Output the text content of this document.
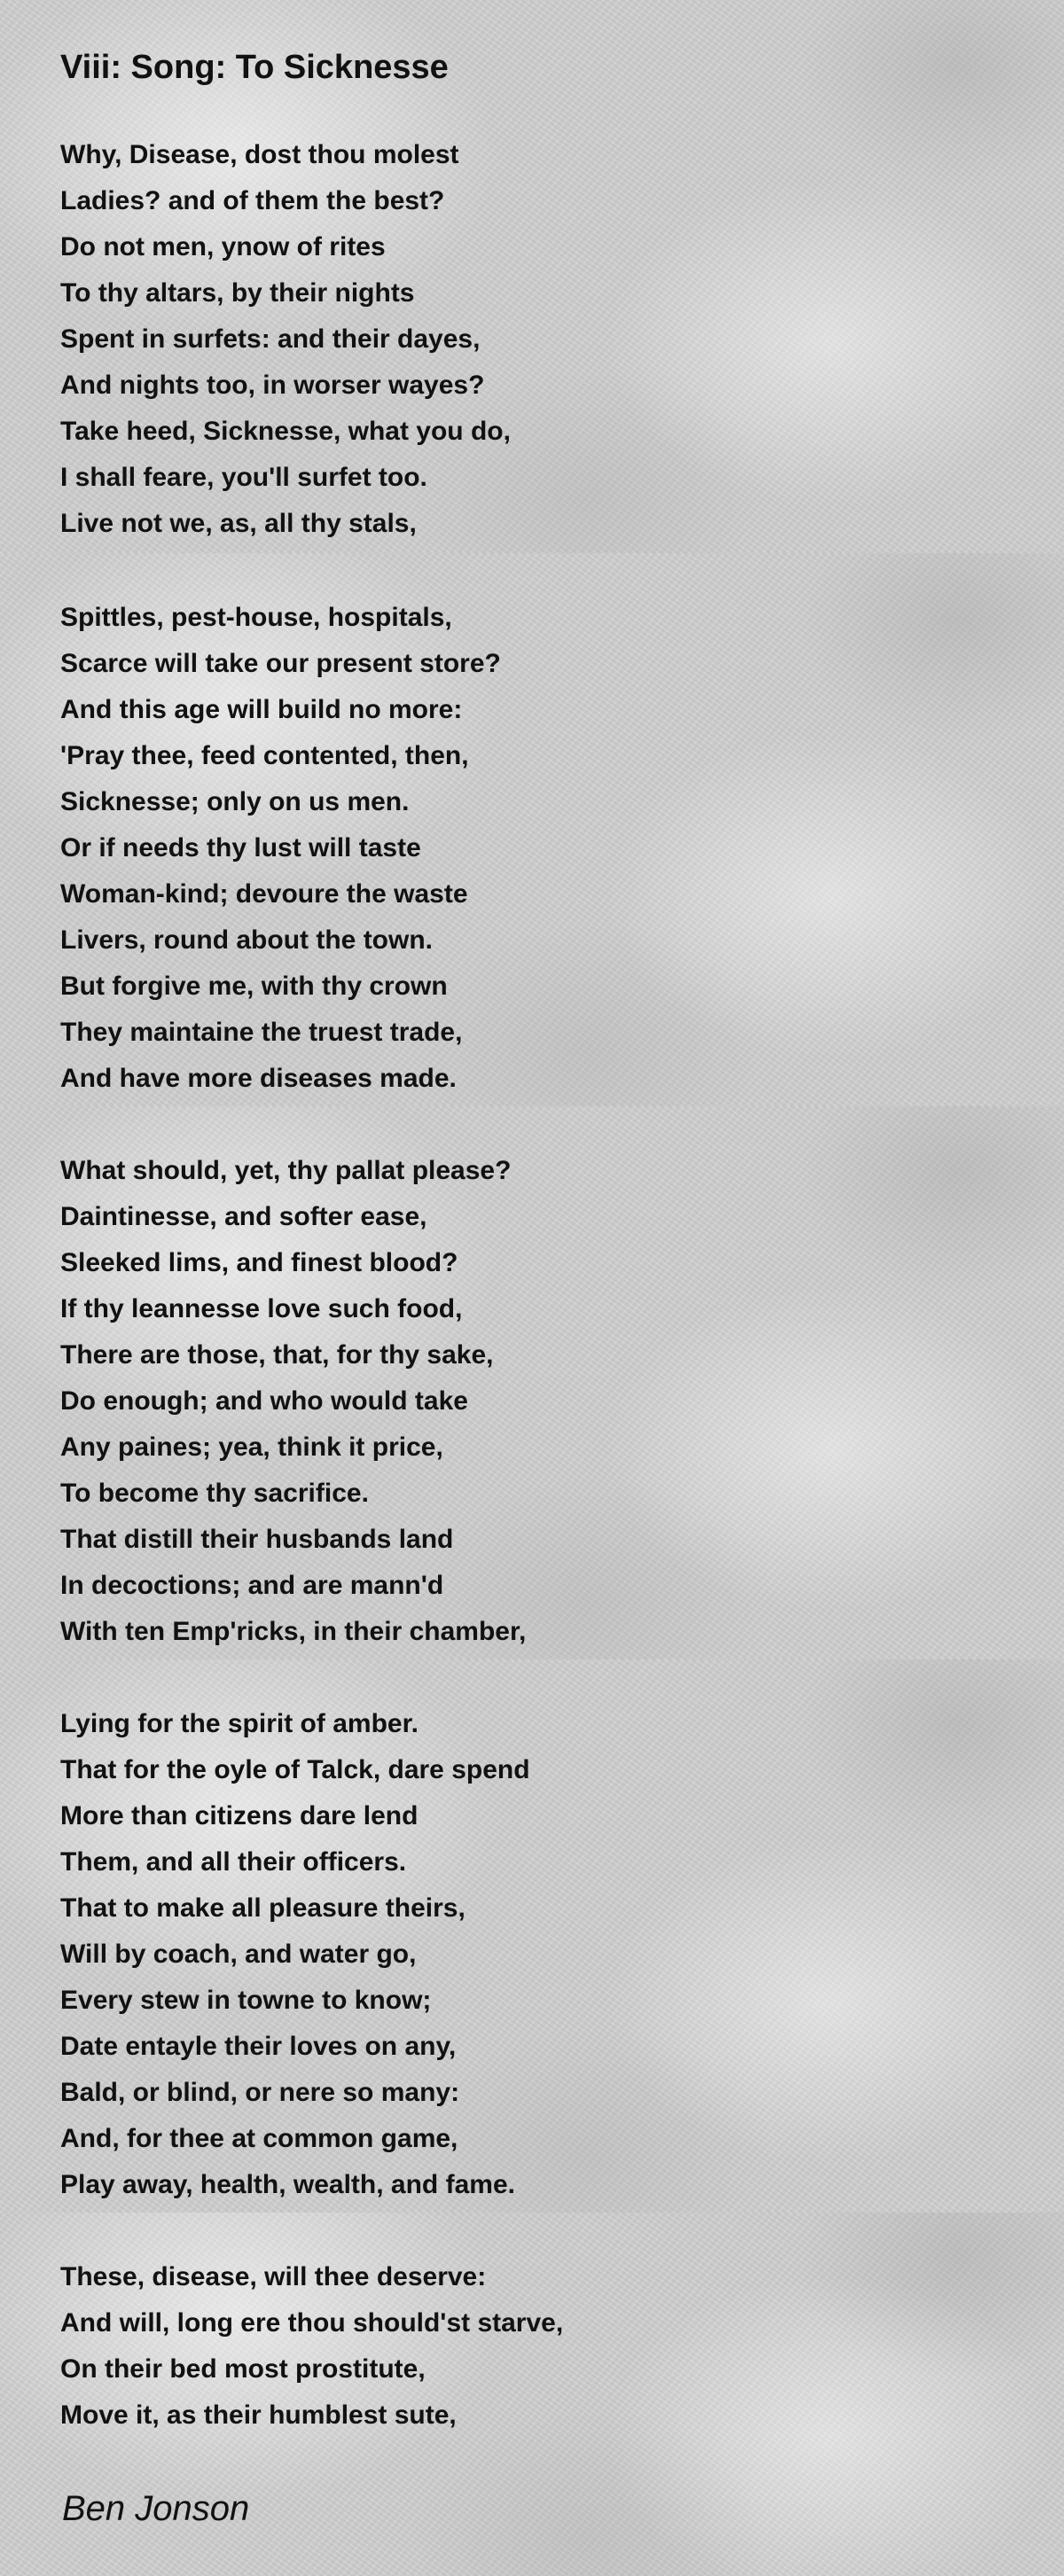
Viii: Song: To Sicknesse
Why, Disease, dost thou molest
Ladies? and of them the best?
Do not men, ynow of rites
To thy altars, by their nights
Spent in surfets: and their dayes,
And nights too, in worser wayes?
Take heed, Sicknesse, what you do,
I shall feare, you'll surfet too.
Live not we, as, all thy stals,
Spittles, pest-house, hospitals,
Scarce will take our present store?
And this age will build no more:
'Pray thee, feed contented, then,
Sicknesse; only on us men.
Or if needs thy lust will taste
Woman-kind; devoure the waste
Livers, round about the town.
But forgive me, with thy crown
They maintaine the truest trade,
And have more diseases made.
What should, yet, thy pallat please?
Daintinesse, and softer ease,
Sleeked lims, and finest blood?
If thy leannesse love such food,
There are those, that, for thy sake,
Do enough; and who would take
Any paines; yea, think it price,
To become thy sacrifice.
That distill their husbands land
In decoctions; and are mann'd
With ten Emp'ricks, in their chamber,
Lying for the spirit of amber.
That for the oyle of Talck, dare spend
More than citizens dare lend
Them, and all their officers.
That to make all pleasure theirs,
Will by coach, and water go,
Every stew in towne to know;
Date entayle their loves on any,
Bald, or blind, or nere so many:
And, for thee at common game,
Play away, health, wealth, and fame.
These, disease, will thee deserve:
And will, long ere thou should'st starve,
On their bed most prostitute,
Move it, as their humblest sute,
Ben Jonson
